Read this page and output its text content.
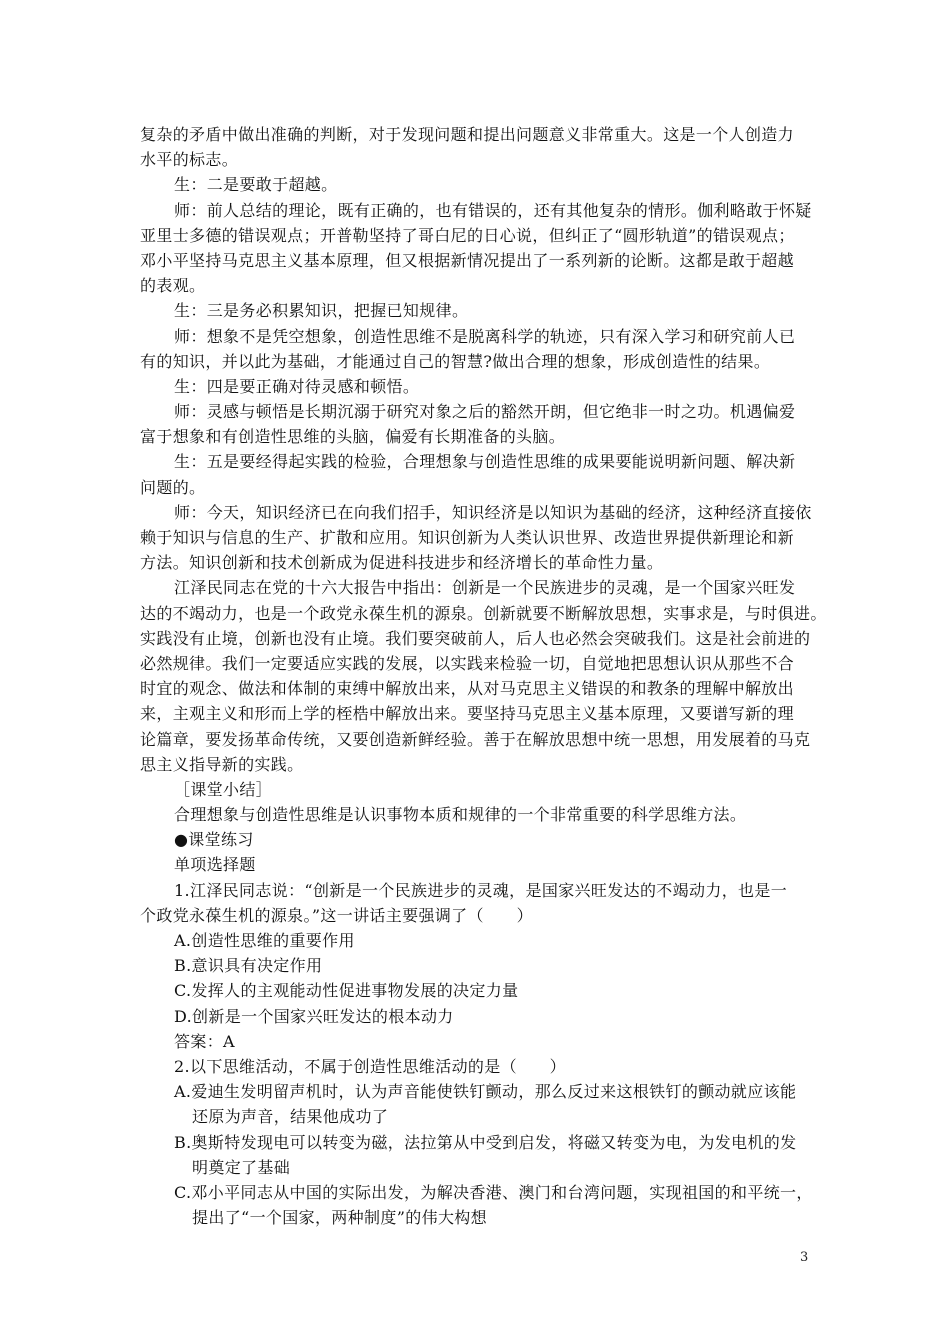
复杂的矛盾中做出准确的判断，对于发现问题和提出问题意义非常重大。这是一个人创造力
水平的标志。
生：二是要敢于超越。
师：前人总结的理论，既有正确的，也有错误的，还有其他复杂的情形。伽利略敢于怀疑
亚里士多德的错误观点；开普勒坚持了哥白尼的日心说，但纠正了“圆形轨道”的错误观点；
邓小平坚持马克思主义基本原理，但又根据新情况提出了一系列新的论断。这都是敢于超越
的表观。
生：三是务必积累知识，把握已知规律。
师：想象不是凭空想象，创造性思维不是脱离科学的轨迹，只有深入学习和研究前人已
有的知识，并以此为基础，才能通过自己的智慧?做出合理的想象，形成创造性的结果。
生：四是要正确对待灵感和顿悟。
师：灵感与顿悟是长期沉溺于研究对象之后的豁然开朗，但它绝非一时之功。机遇偏爱
富于想象和有创造性思维的头脑，偏爱有长期准备的头脑。
生：五是要经得起实践的检验，合理想象与创造性思维的成果要能说明新问题、解决新
问题的。
师：今天，知识经济已在向我们招手，知识经济是以知识为基础的经济，这种经济直接依
赖于知识与信息的生产、扩散和应用。知识创新为人类认识世界、改造世界提供新理论和新
方法。知识创新和技术创新成为促进科技进步和经济增长的革命性力量。
江泽民同志在党的十六大报告中指出：创新是一个民族进步的灵魂，是一个国家兴旺发
达的不竭动力，也是一个政党永葆生机的源泉。创新就要不断解放思想，实事求是，与时俱进。
实践没有止境，创新也没有止境。我们要突破前人，后人也必然会突破我们。这是社会前进的
必然规律。我们一定要适应实践的发展，以实践来检验一切，自觉地把思想认识从那些不合
时宜的观念、做法和体制的束缚中解放出来，从对马克思主义错误的和教条的理解中解放出
来，主观主义和形而上学的桎梏中解放出来。要坚持马克思主义基本原理，又要谱写新的理
论篇章，要发扬革命传统，又要创造新鲜经验。善于在解放思想中统一思想，用发展着的马克
思主义指导新的实践。
［课堂小结］
合理想象与创造性思维是认识事物本质和规律的一个非常重要的科学思维方法。
●课堂练习
单项选择题
1.江泽民同志说：“创新是一个民族进步的灵魂，是国家兴旺发达的不竭动力，也是一
个政党永葆生机的源泉。”这一讲话主要强调了（　　）
A.创造性思维的重要作用
B.意识具有决定作用
C.发挥人的主观能动性促进事物发展的决定力量
D.创新是一个国家兴旺发达的根本动力
答案：A
2.以下思维活动，不属于创造性思维活动的是（　　）
A.爱迪生发明留声机时，认为声音能使铁钉颤动，那么反过来这根铁钉的颤动就应该能
还原为声音，结果他成功了
B.奥斯特发现电可以转变为磁，法拉第从中受到启发，将磁又转变为电，为发电机的发
明奠定了基础
C.邓小平同志从中国的实际出发，为解决香港、澳门和台湾问题，实现祖国的和平统一，
提出了“一个国家，两种制度”的伟大构想
3
